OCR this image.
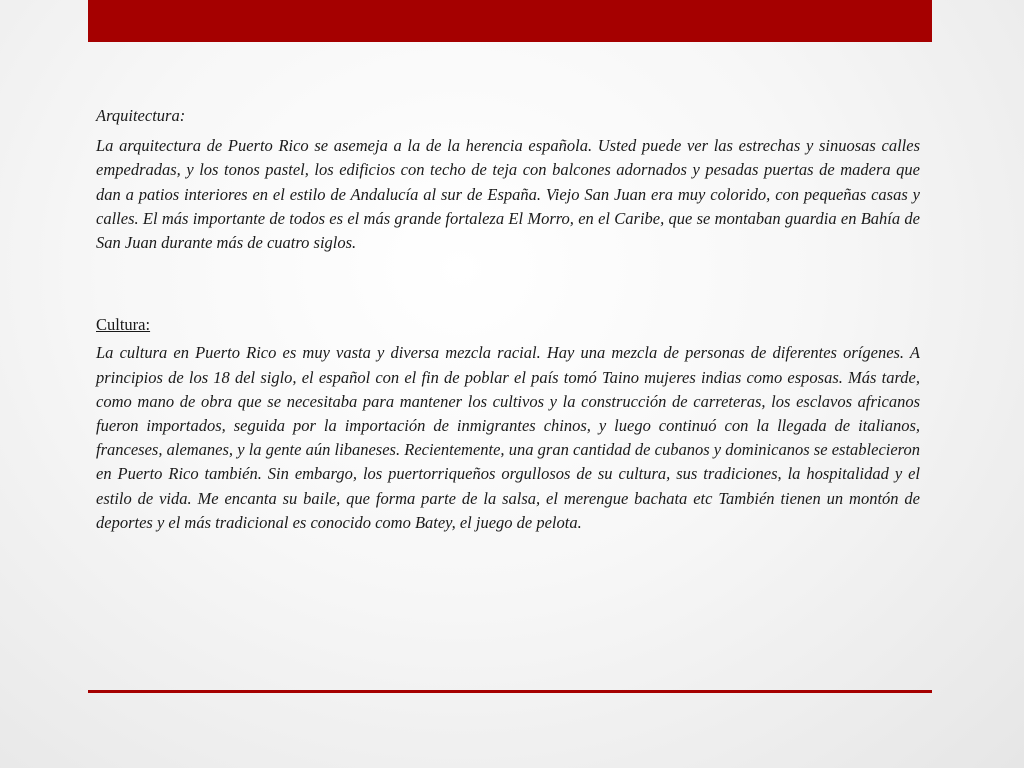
Arquitectura:

La arquitectura de Puerto Rico se asemeja a la de la herencia española. Usted puede ver las estrechas y sinuosas calles empedradas, y los tonos pastel, los edificios con techo de teja con balcones adornados y pesadas puertas de madera que dan a patios interiores en el estilo de Andalucía al sur de España. Viejo San Juan era muy colorido, con pequeñas casas y calles. El más importante de todos es el más grande fortaleza El Morro, en el Caribe, que se montaban guardia en Bahía de San Juan durante más de cuatro siglos.

Cultura:

La cultura en Puerto Rico es muy vasta y diversa mezcla racial. Hay una mezcla de personas de diferentes orígenes. A principios de los 18 del siglo, el español con el fin de poblar el país tomó Taino mujeres indias como esposas. Más tarde, como mano de obra que se necesitaba para mantener los cultivos y la construcción de carreteras, los esclavos africanos fueron importados, seguida por la importación de inmigrantes chinos, y luego continuó con la llegada de italianos, franceses, alemanes, y la gente aún libaneses. Recientemente, una gran cantidad de cubanos y dominicanos se establecieron en Puerto Rico también. Sin embargo, los puertorriqueños orgullosos de su cultura, sus tradiciones, la hospitalidad y el estilo de vida. Me encanta su baile, que forma parte de la salsa, el merengue bachata etc También tienen un montón de deportes y el más tradicional es conocido como Batey, el juego de pelota.
